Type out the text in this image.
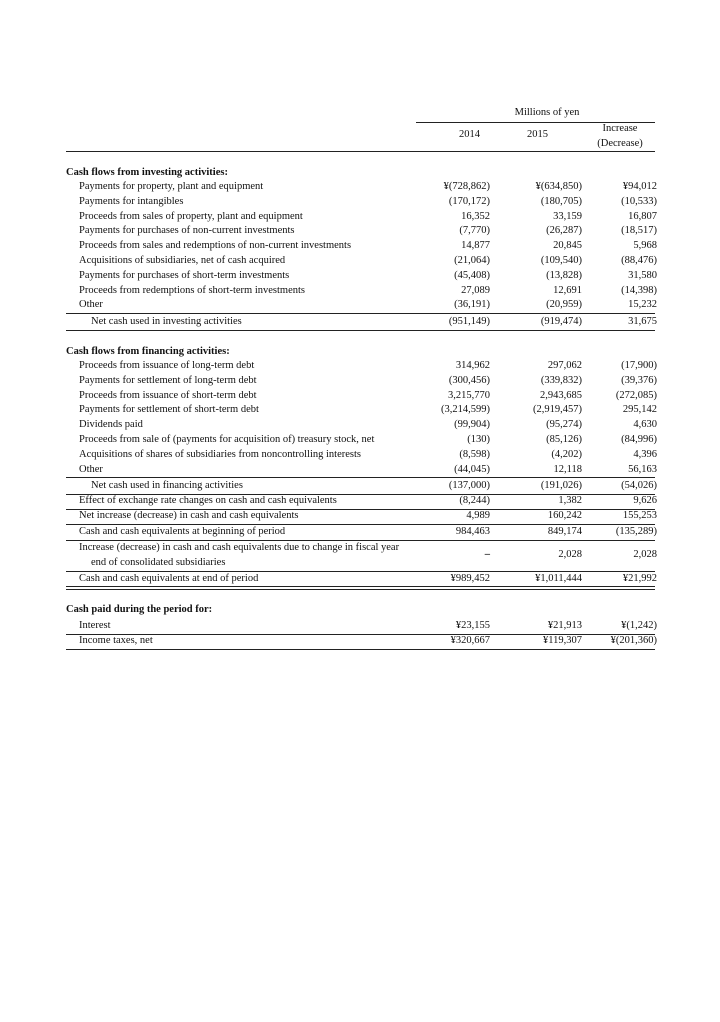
Millions of yen
2014	2015
Increase
(Decrease)
Cash flows from investing activities:
Payments for property, plant and equipment	¥(728,862)	¥(634,850)	¥94,012
Payments for intangibles	(170,172)	(180,705)	(10,533)
Proceeds from sales of property, plant and equipment	16,352	33,159	16,807
Payments for purchases of non-current investments	(7,770)	(26,287)	(18,517)
Proceeds from sales and redemptions of non-current investments	14,877	20,845	5,968
Acquisitions of subsidiaries, net of cash acquired	(21,064)	(109,540)	(88,476)
Payments for purchases of short-term investments	(45,408)	(13,828)	31,580
Proceeds from redemptions of short-term investments	27,089	12,691	(14,398)
Other	(36,191)	(20,959)	15,232
Net cash used in investing activities	(951,149)	(919,474)	31,675
Cash flows from financing activities:
Proceeds from issuance of long-term debt	314,962	297,062	(17,900)
Payments for settlement of long-term debt	(300,456)	(339,832)	(39,376)
Proceeds from issuance of short-term debt	3,215,770	2,943,685	(272,085)
Payments for settlement of short-term debt	(3,214,599)	(2,919,457)	295,142
Dividends paid	(99,904)	(95,274)	4,630
Proceeds from sale of (payments for acquisition of) treasury stock, net	(130)	(85,126)	(84,996)
Acquisitions of shares of subsidiaries from noncontrolling interests	(8,598)	(4,202)	4,396
Other	(44,045)	12,118	56,163
Net cash used in financing activities	(137,000)	(191,026)	(54,026)
Effect of exchange rate changes on cash and cash equivalents	(8,244)	1,382	9,626
Net increase (decrease) in cash and cash equivalents	4,989	160,242	155,253
Cash and cash equivalents at beginning of period	984,463	849,174	(135,289)
Increase (decrease) in cash and cash equivalents due to change in fiscal year
end of consolidated subsidiaries
–	2,028	2,028
Cash and cash equivalents at end of period	¥989,452	¥1,011,444	¥21,992
Cash paid during the period for:
Interest	¥23,155	¥21,913	¥(1,242)
Income taxes, net	¥320,667	¥119,307	¥(201,360)
